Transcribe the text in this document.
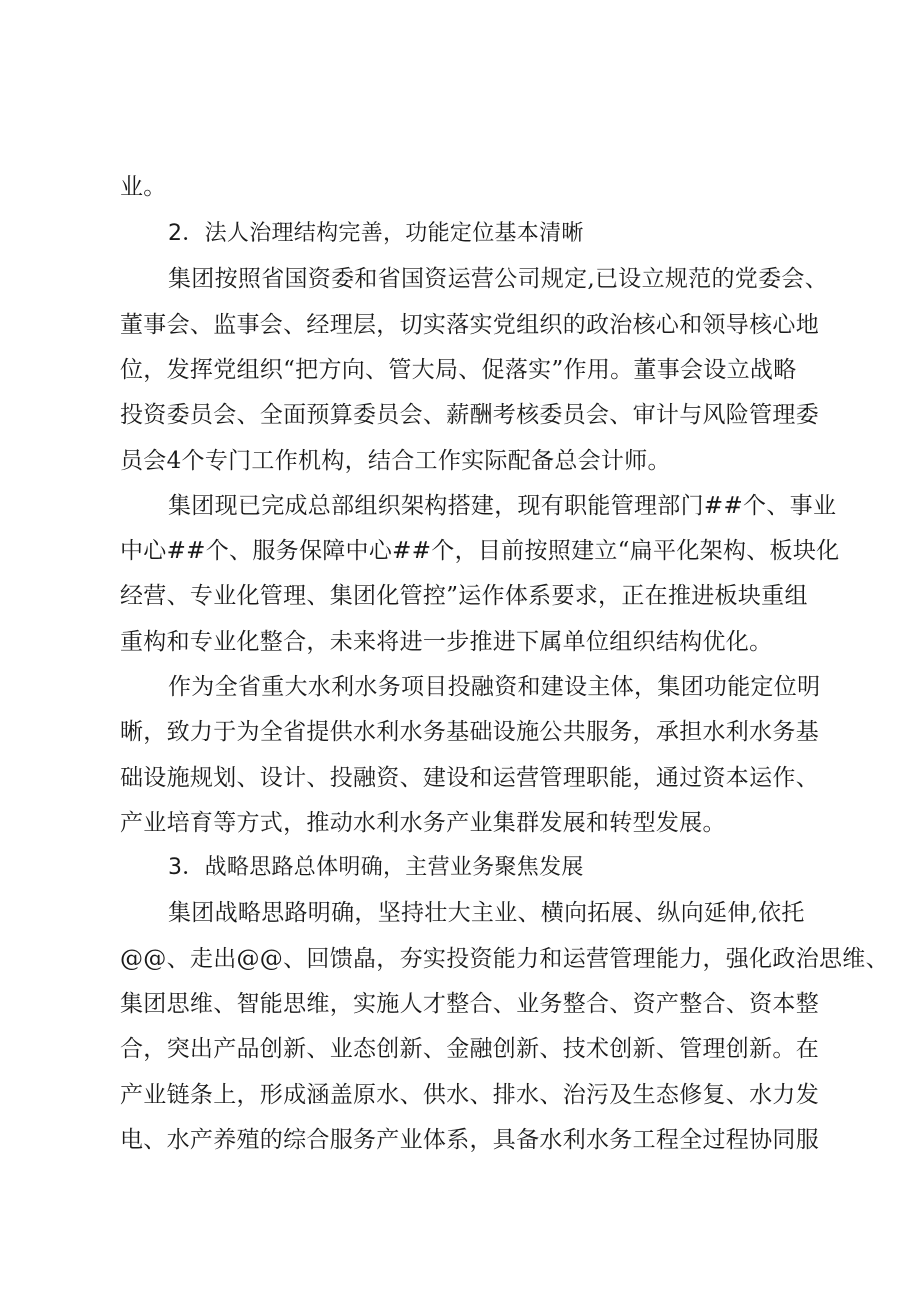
业。

2．法人治理结构完善，功能定位基本清晰

集团按照省国资委和省国资运营公司规定,已设立规范的党委会、

董事会、监事会、经理层，切实落实党组织的政治核心和领导核心地

位，发挥党组织“把方向、管大局、促落实”作用。董事会设立战略

投资委员会、全面预算委员会、薪酬考核委员会、审计与风险管理委

员会4个专门工作机构，结合工作实际配备总会计师。

集团现已完成总部组织架构搭建，现有职能管理部门##个、事业

中心##个、服务保障中心##个，目前按照建立“扁平化架构、板块化

经营、专业化管理、集团化管控”运作体系要求，正在推进板块重组

重构和专业化整合，未来将进一步推进下属单位组织结构优化。

作为全省重大水利水务项目投融资和建设主体，集团功能定位明

晰，致力于为全省提供水利水务基础设施公共服务，承担水利水务基

础设施规划、设计、投融资、建设和运营管理职能，通过资本运作、

产业培育等方式，推动水利水务产业集群发展和转型发展。

3．战略思路总体明确，主营业务聚焦发展

集团战略思路明确，坚持壮大主业、横向拓展、纵向延伸,依托

@@、走出@@、回馈皛，夯实投资能力和运营管理能力，强化政治思维、

集团思维、智能思维，实施人才整合、业务整合、资产整合、资本整

合，突出产品创新、业态创新、金融创新、技术创新、管理创新。在

产业链条上，形成涵盖原水、供水、排水、治污及生态修复、水力发

电、水产养殖的综合服务产业体系，具备水利水务工程全过程协同服
